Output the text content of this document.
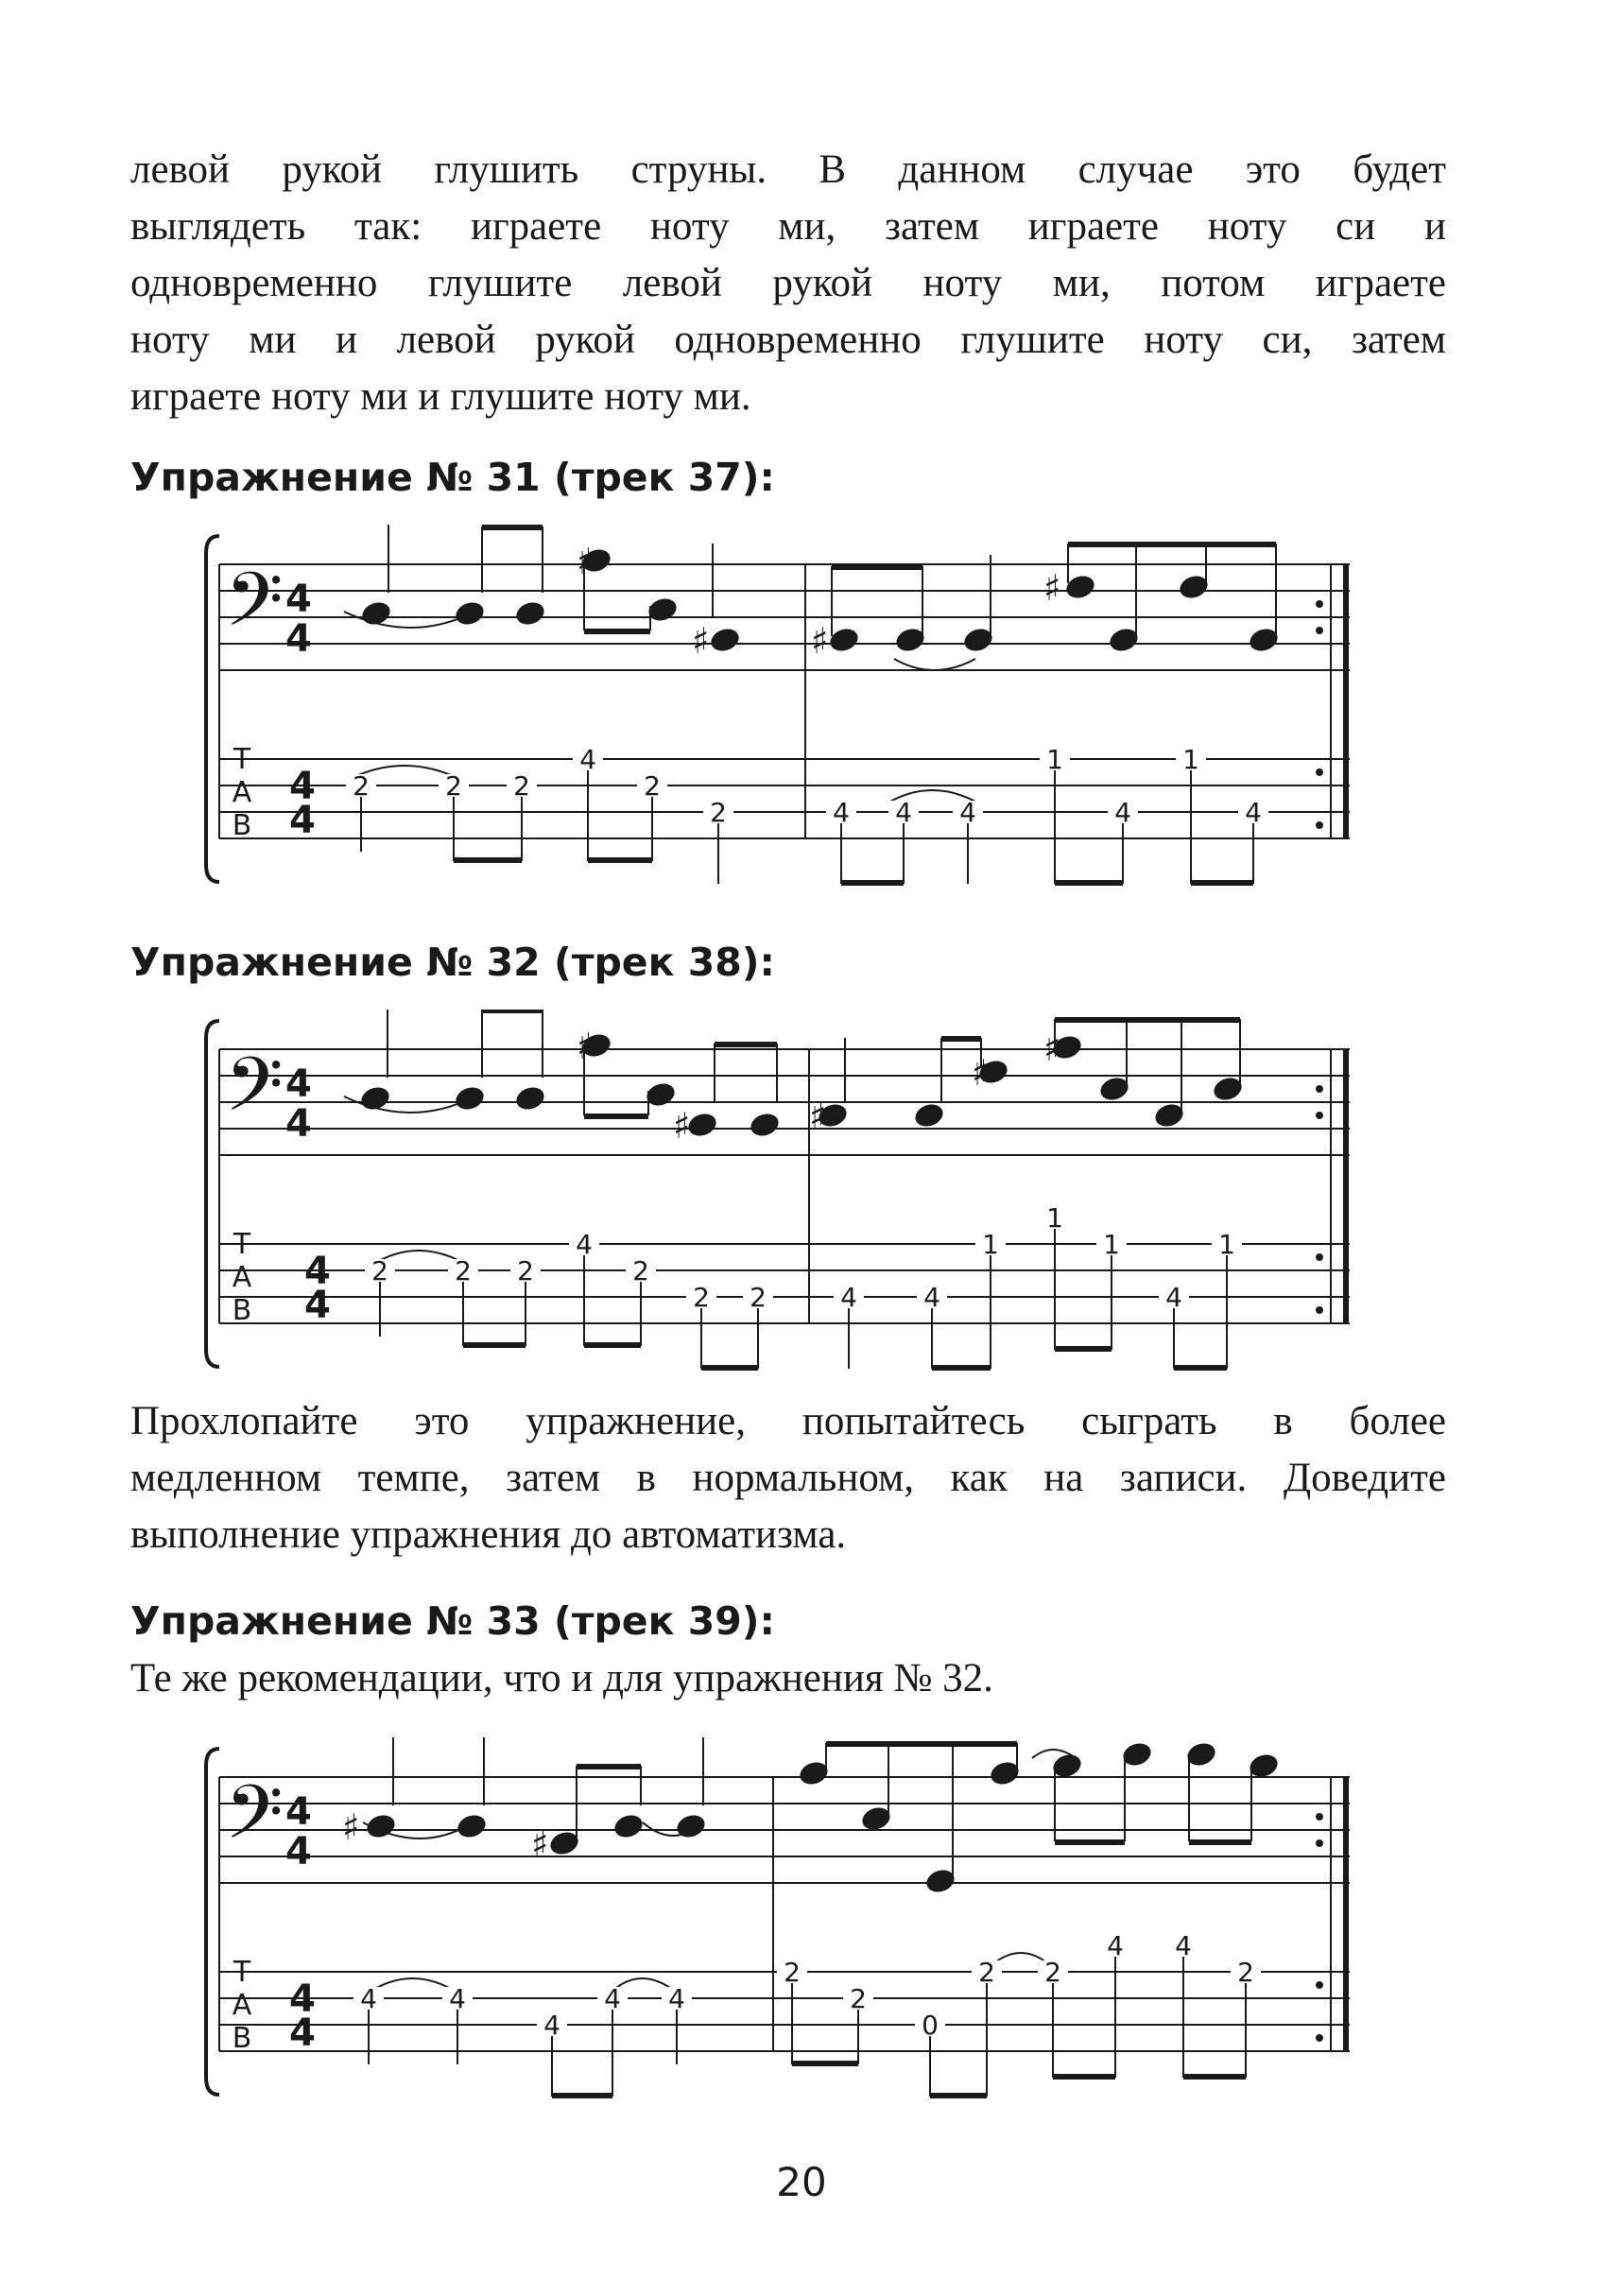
левой рукой глушить струны. В данном случае это будет
выглядеть так: играете ноту ми, затем играете ноту си и
одновременно глушите левой рукой ноту ми, потом играете
ноту ми и левой рукой одновременно глушите ноту си, затем
играете ноту ми и глушите ноту ми.
Упражнение № 31 (трек 37):
𝄢 4
4
♯
♯	♯
♯
T
A
B
4
4
2	2 2
4
2
2	4 4 4
1
4
1
4
Упражнение № 32 (трек 38):
𝄢 4
4
♯
♯	♯
♯
♯
T
A
B
4
4
2	2 2
4
2
2 2	4	4
1
1
1
4
1
Прохлопайте это упражнение, попытайтесь сыграть в более
медленном темпе, затем в нормальном, как на записи. Доведите
выполнение упражнения до автоматизма.
Упражнение № 33 (трек 39):
Те же рекомендации, что и для упражнения № 32.
𝄢 4
4
♯	♯
T
A
B
4
4
4	4
4
4 4
2
2
0
2 2
4 4
2
20
